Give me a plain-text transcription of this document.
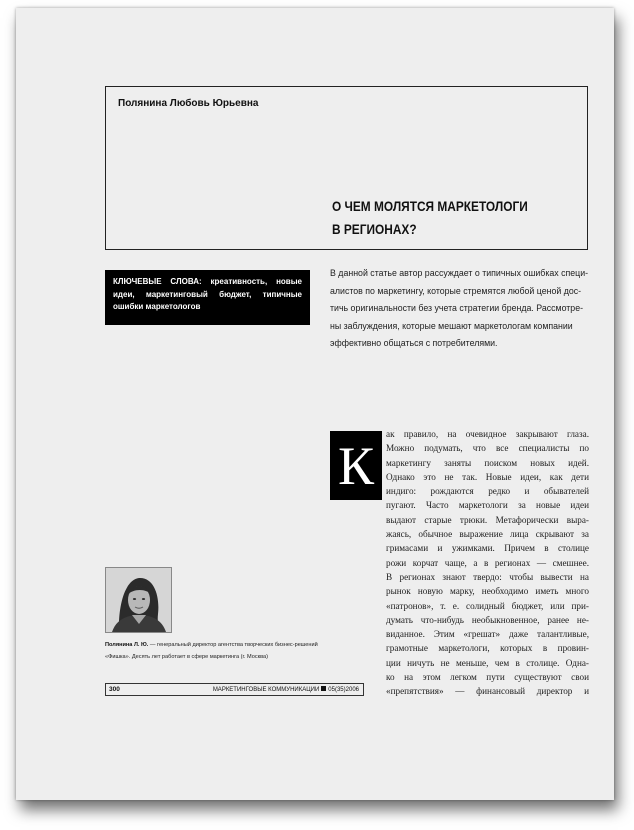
Полянина Любовь Юрьевна
О ЧЕМ МОЛЯТСЯ МАРКЕТОЛОГИ
В РЕГИОНАХ?
КЛЮЧЕВЫЕ СЛОВА: креативность, новые идеи, маркетинговый бюджет, типичные ошибки маркетологов
В данной статье автор рассуждает о типичных ошибках специ-
алистов по маркетингу, которые стремятся любой ценой дос-
тичь оригинальности без учета стратегии бренда. Рассмотре-
ны заблуждения, которые мешают маркетологам компании
эффективно общаться с потребителями.
К
ак правило, на очевидное закрывают глаза.
Можно подумать, что все специалисты по
маркетингу заняты поиском новых идей.
Однако это не так. Новые идеи, как дети
индиго: рождаются редко и обывателей
пугают. Часто маркетологи за новые идеи
выдают старые трюки. Метафорически выра-
жаясь, обычное выражение лица скрывают за
гримасами и ужимками. Причем в столице
рожи корчат чаще, а в регионах — смешнее.
В регионах знают твердо: чтобы вывести на
рынок новую марку, необходимо иметь много
«патронов», т. е. солидный бюджет, или при-
думать что-нибудь необыкновенное, ранее не-
виданное. Этим «грешат» даже талантливые,
грамотные маркетологи, которых в провин-
ции ничуть не меньше, чем в столице. Одна-
ко на этом легком пути существуют свои
«препятствия» — финансовый директор и
Полянина Л. Ю. — генеральный директор агентства творческих бизнес-решений
«Фишка». Десять лет работает в сфере маркетинга (г. Москва)
300	МАРКЕТИНГОВЫЕ КОММУНИКАЦИИ 05(35)2006
